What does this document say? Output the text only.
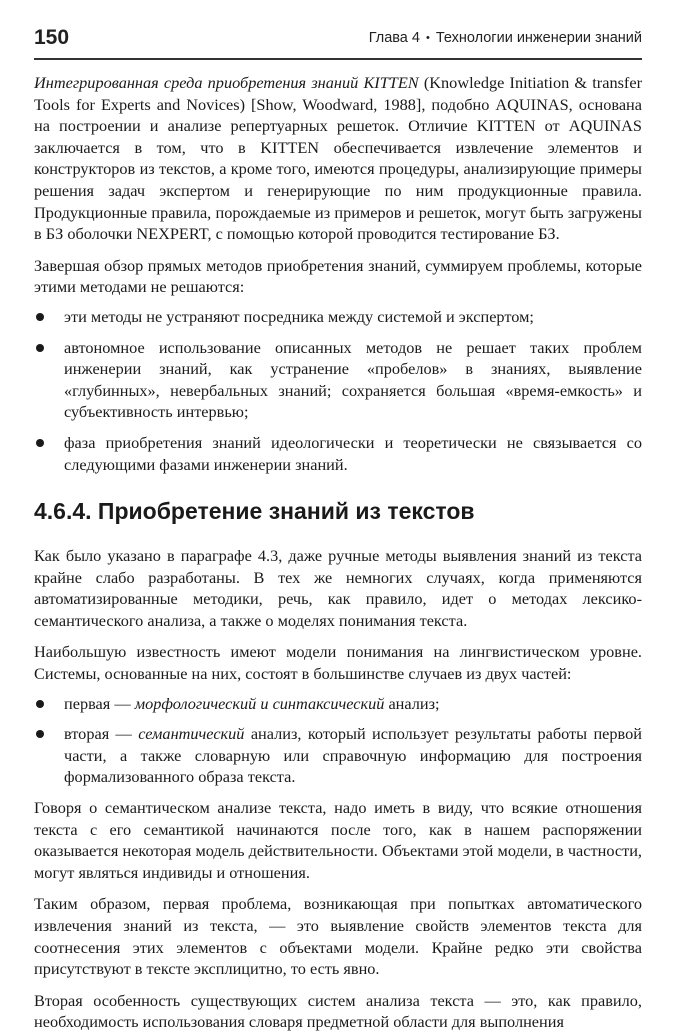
150	Глава 4 • Технологии инженерии знаний

Интегрированная среда приобретения знаний KITTEN (Knowledge Initiation & transfer Tools for Experts and Novices) [Show, Woodward, 1988], подобно AQUINAS, основана на построении и анализе репертуарных решеток. Отличие KITTEN от AQUINAS заключается в том, что в KITTEN обеспечивается извлечение элементов и конструкторов из текстов, а кроме того, имеются процедуры, анализирующие примеры решения задач экспертом и генерирующие по ним продукционные правила. Продукционные правила, порождаемые из примеров и решеток, могут быть загружены в БЗ оболочки NEXPERT, с помощью которой проводится тестирование БЗ.

Завершая обзор прямых методов приобретения знаний, суммируем проблемы, которые этими методами не решаются:

эти методы не устраняют посредника между системой и экспертом;
автономное использование описанных методов не решает таких проблем инженерии знаний, как устранение «пробелов» в знаниях, выявление «глубинных», невербальных знаний; сохраняется большая «время-емкость» и субъективность интервью;
фаза приобретения знаний идеологически и теоретически не связывается со следующими фазами инженерии знаний.
4.6.4. Приобретение знаний из текстов

Как было указано в параграфе 4.3, даже ручные методы выявления знаний из текста крайне слабо разработаны. В тех же немногих случаях, когда применяются автоматизированные методики, речь, как правило, идет о методах лексико-семантического анализа, а также о моделях понимания текста.

Наибольшую известность имеют модели понимания на лингвистическом уровне. Системы, основанные на них, состоят в большинстве случаев из двух частей:

первая — морфологический и синтаксический анализ;
вторая — семантический анализ, который использует результаты работы первой части, а также словарную или справочную информацию для построения формализованного образа текста.

Говоря о семантическом анализе текста, надо иметь в виду, что всякие отношения текста с его семантикой начинаются после того, как в нашем распоряжении оказывается некоторая модель действительности. Объектами этой модели, в частности, могут являться индивиды и отношения.

Таким образом, первая проблема, возникающая при попытках автоматического извлечения знаний из текста, — это выявление свойств элементов текста для соотнесения этих элементов с объектами модели. Крайне редко эти свойства присутствуют в тексте эксплицитно, то есть явно.

Вторая особенность существующих систем анализа текста — это, как правило, необходимость использования словаря предметной области для выполнения
